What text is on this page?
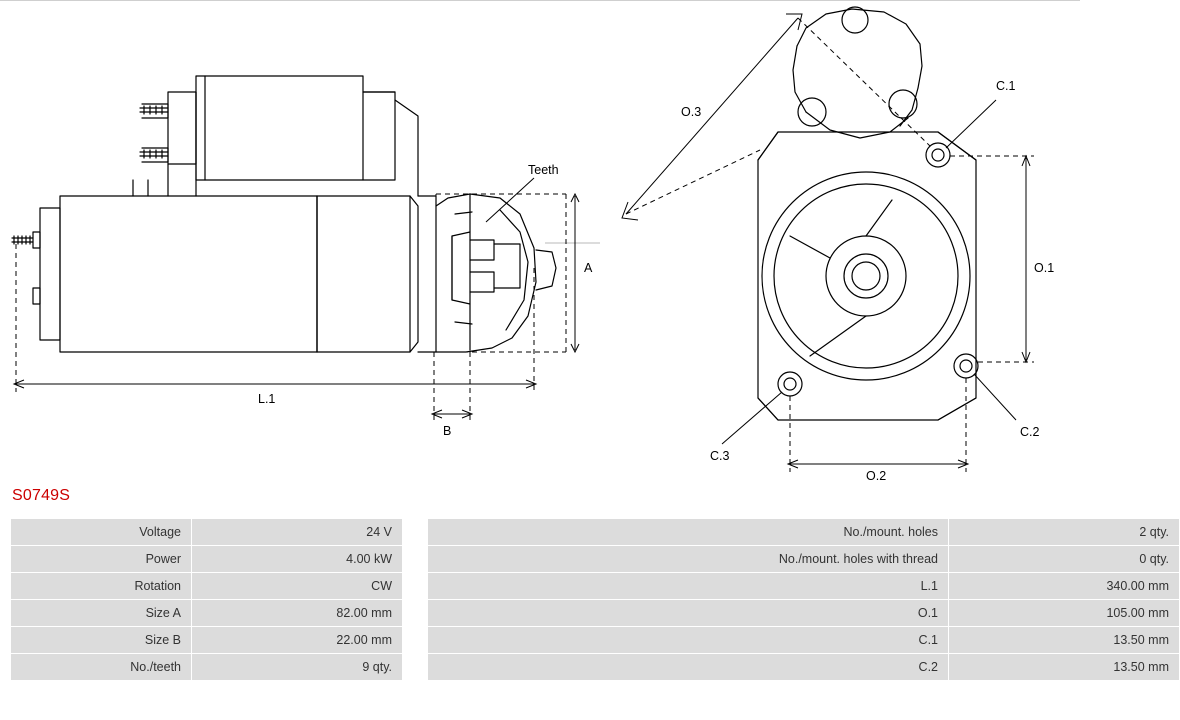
Teeth
A
L.1
B
O.3
O.1
O.2
C.1
C.2
C.3
S0749S
Voltage	24 V		No./mount. holes	2 qty.
Power	4.00 kW		No./mount. holes with thread	0 qty.
Rotation	CW		L.1	340.00 mm
Size A	82.00 mm		O.1	105.00 mm
Size B	22.00 mm		C.1	13.50 mm
No./teeth	9 qty.		C.2	13.50 mm
